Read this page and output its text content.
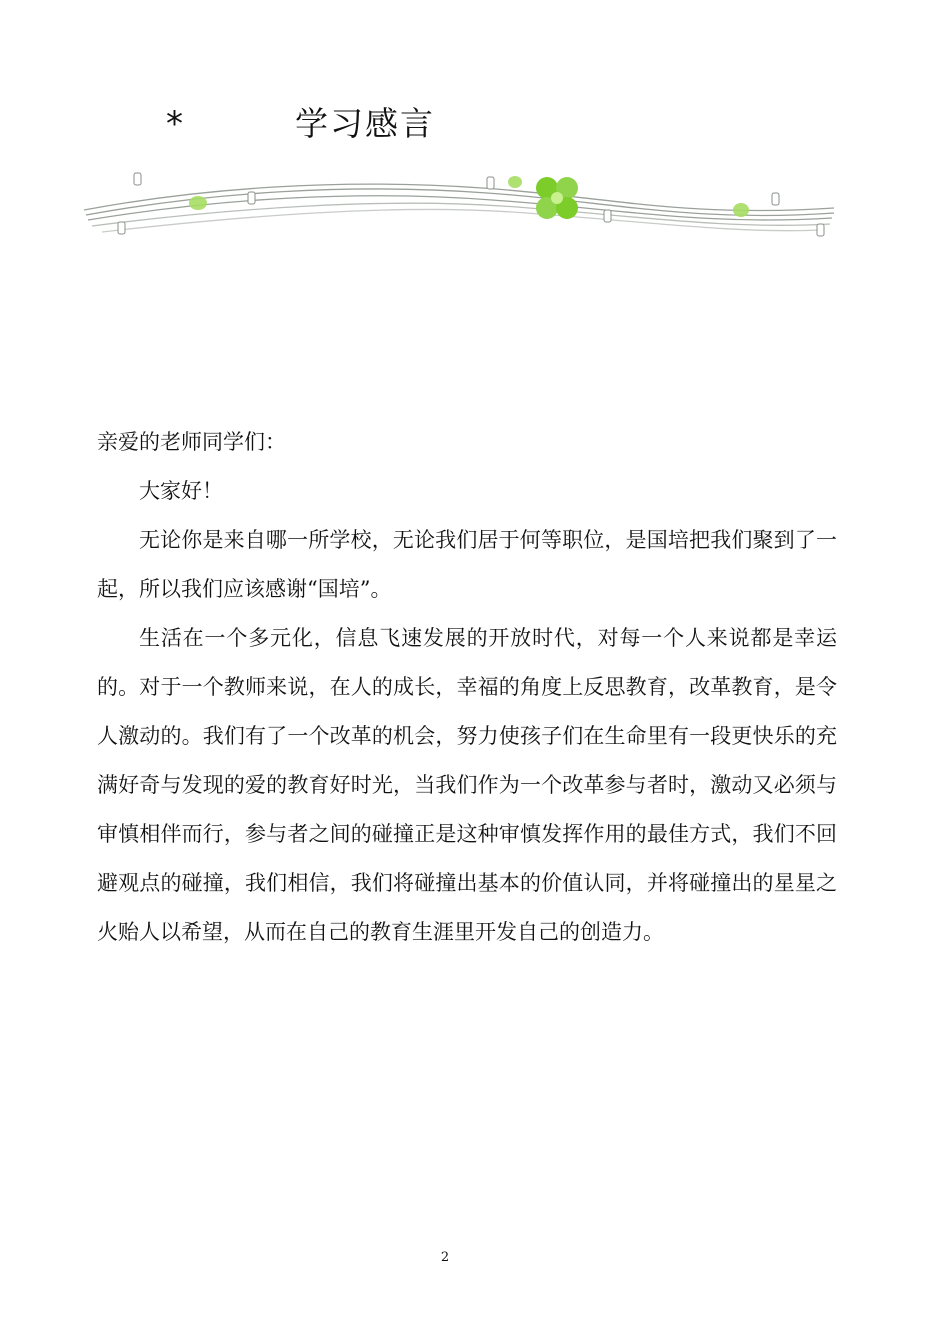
*	学习感言

亲爱的老师同学们：

大家好！

无论你是来自哪一所学校，无论我们居于何等职位，是国培把我们聚到了一起，所以我们应该感谢“国培”。

生活在一个多元化，信息飞速发展的开放时代，对每一个人来说都是幸运的。对于一个教师来说，在人的成长，幸福的角度上反思教育，改革教育，是令人激动的。我们有了一个改革的机会，努力使孩子们在生命里有一段更快乐的充满好奇与发现的爱的教育好时光，当我们作为一个改革参与者时，激动又必须与审慎相伴而行，参与者之间的碰撞正是这种审慎发挥作用的最佳方式，我们不回避观点的碰撞，我们相信，我们将碰撞出基本的价值认同，并将碰撞出的星星之火贻人以希望，从而在自己的教育生涯里开发自己的创造力。

2
